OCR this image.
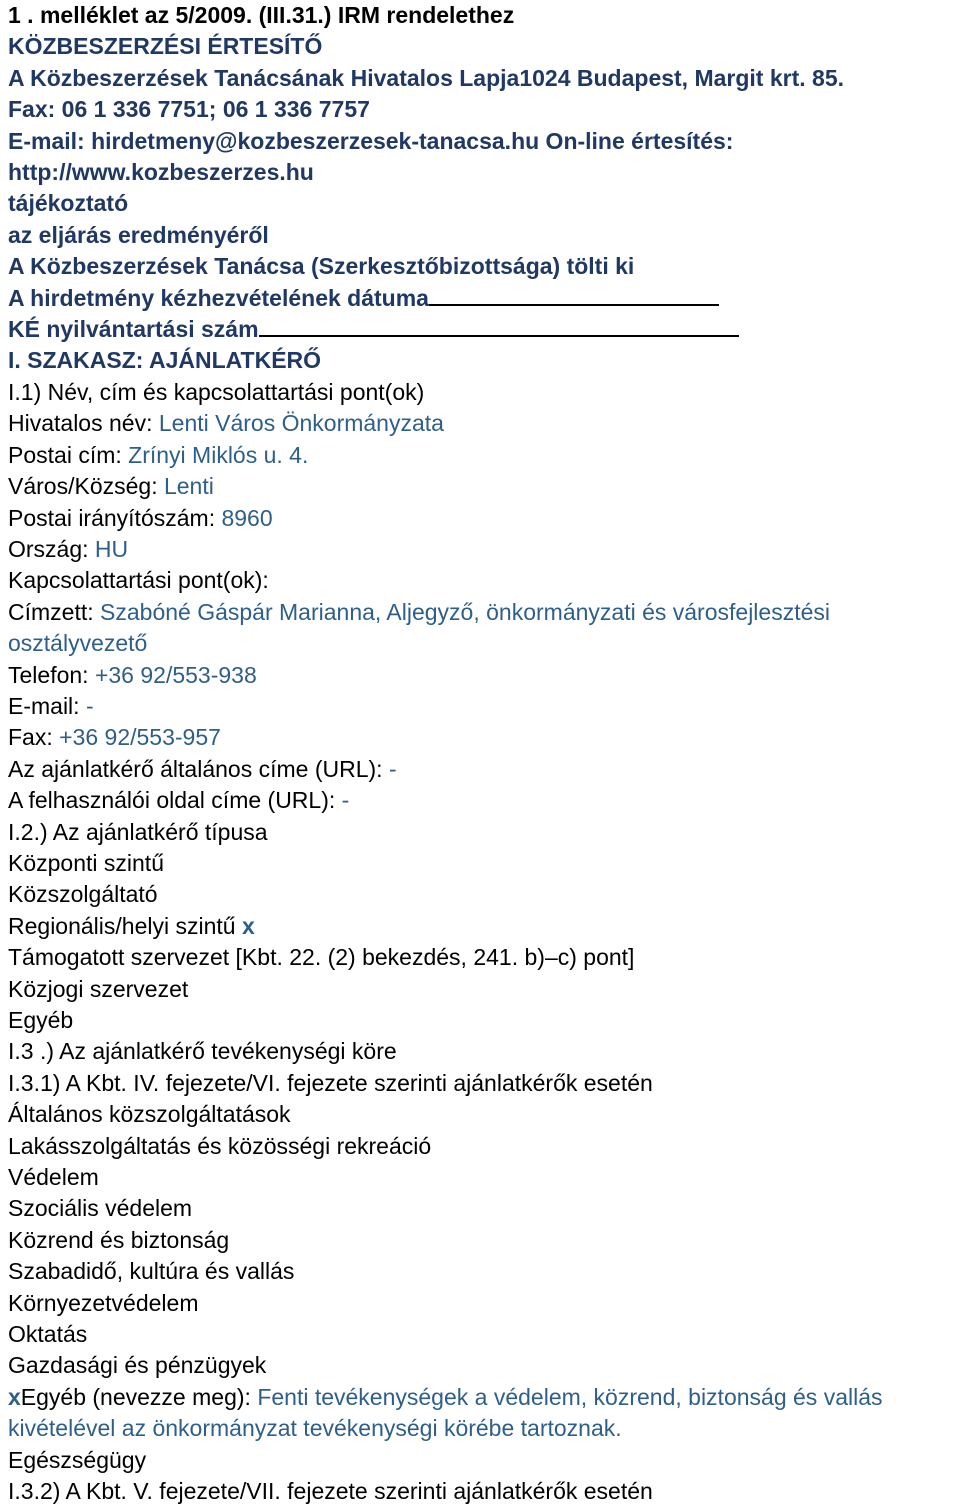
1 . melléklet az 5/2009. (III.31.) IRM rendelethez
KÖZBESZERZÉSI ÉRTESÍTŐ
A Közbeszerzések Tanácsának Hivatalos Lapja1024 Budapest, Margit krt. 85.
Fax: 06 1 336 7751; 06 1 336 7757
E-mail: hirdetmeny@kozbeszerzesek-tanacsa.hu On-line értesítés:
http://www.kozbeszerzes.hu
tájékoztató
az eljárás eredményéről
A Közbeszerzések Tanácsa (Szerkesztőbizottsága) tölti ki
A hirdetmény kézhezvételének dátuma
KÉ nyilvántartási szám
I. SZAKASZ: AJÁNLATKÉRŐ
I.1) Név, cím és kapcsolattartási pont(ok)
Hivatalos név: Lenti Város Önkormányzata
Postai cím: Zrínyi Miklós u. 4.
Város/Község: Lenti
Postai irányítószám: 8960
Ország: HU
Kapcsolattartási pont(ok):
Címzett: Szabóné Gáspár Marianna, Aljegyző, önkormányzati és városfejlesztési osztályvezető
Telefon: +36 92/553-938
E-mail: -
Fax: +36 92/553-957
Az ajánlatkérő általános címe (URL): -
A felhasználói oldal címe (URL): -
I.2.) Az ajánlatkérő típusa
Központi szintű
Közszolgáltató
Regionális/helyi szintű x
Támogatott szervezet [Kbt. 22. (2) bekezdés, 241. b)–c) pont]
Közjogi szervezet
Egyéb
I.3 .) Az ajánlatkérő tevékenységi köre
I.3.1) A Kbt. IV. fejezete/VI. fejezete szerinti ajánlatkérők esetén
Általános közszolgáltatások
Lakásszolgáltatás és közösségi rekreáció
Védelem
Szociális védelem
Közrend és biztonság
Szabadidő, kultúra és vallás
Környezetvédelem
Oktatás
Gazdasági és pénzügyek
xEgyéb (nevezze meg): Fenti tevékenységek a védelem, közrend, biztonság és vallás kivételével az önkormányzat tevékenységi körébe tartoznak.
Egészségügy
I.3.2) A Kbt. V. fejezete/VII. fejezete szerinti ajánlatkérők esetén
